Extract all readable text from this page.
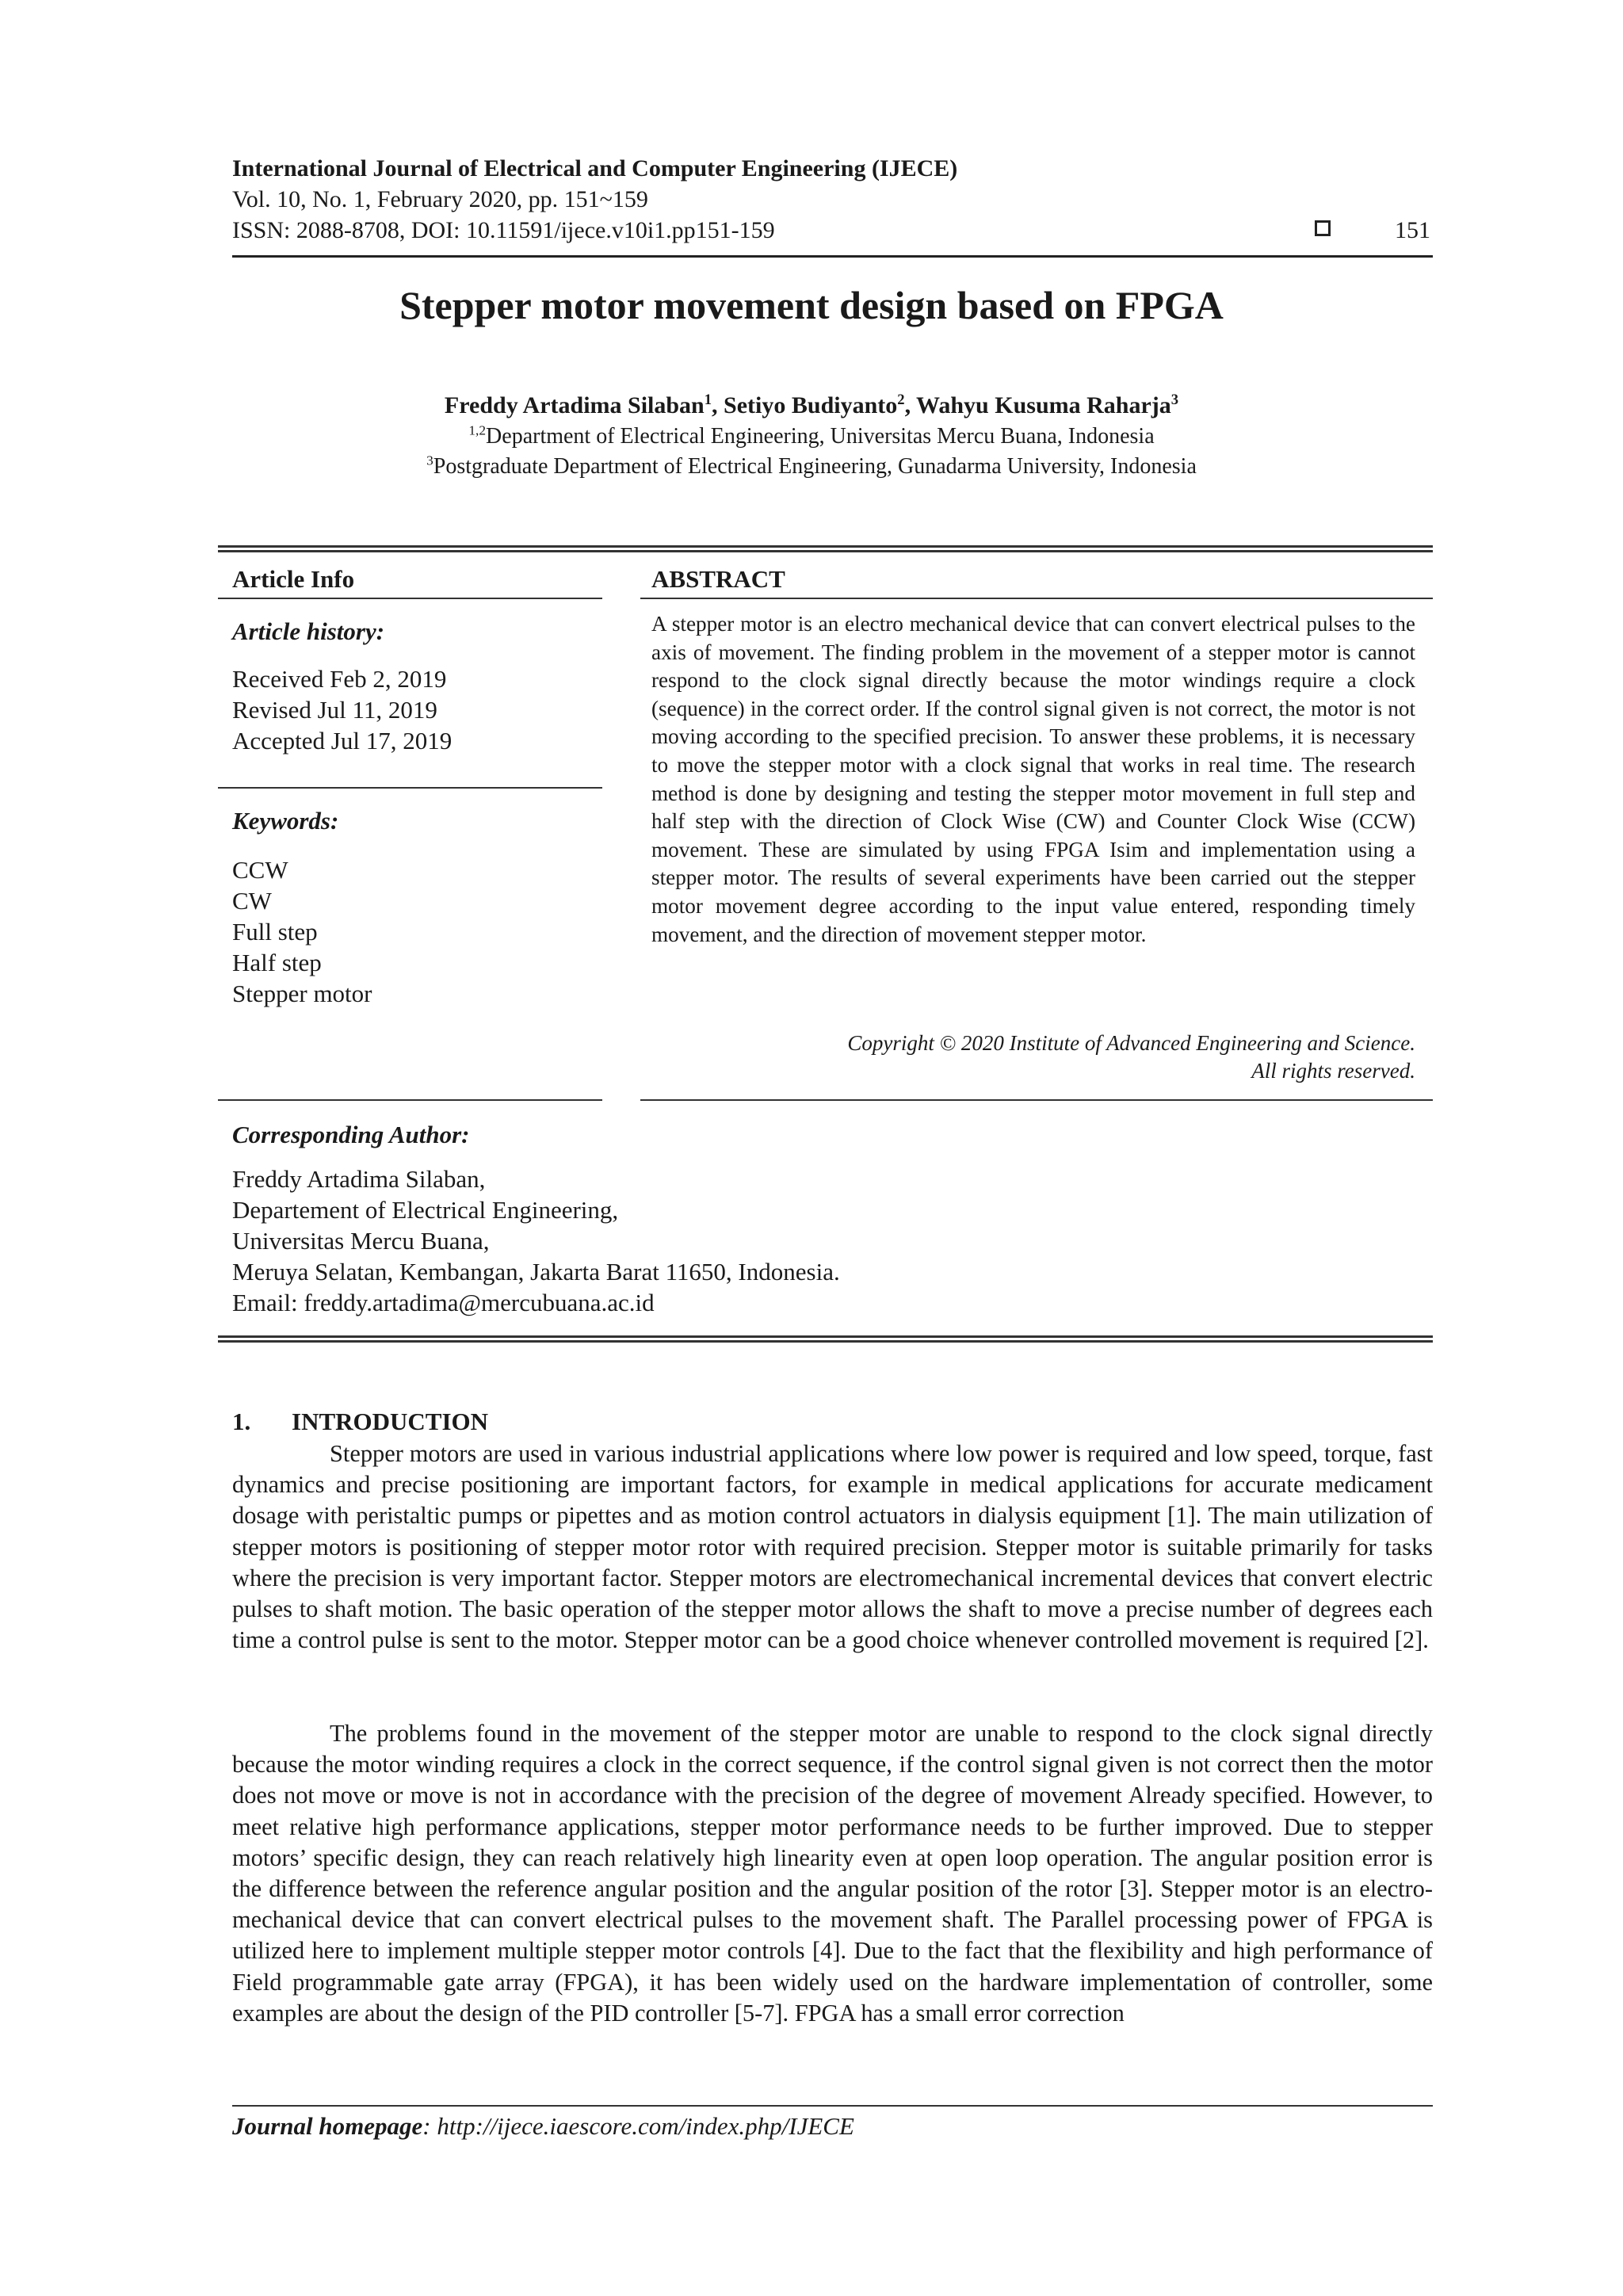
International Journal of Electrical and Computer Engineering (IJECE)
Vol. 10, No. 1, February 2020, pp. 151~159
ISSN: 2088-8708, DOI: 10.11591/ijece.v10i1.pp151-159	151
Stepper motor movement design based on FPGA
Freddy Artadima Silaban$^1$, Setiyo Budiyanto$^2$, Wahyu Kusuma Raharja$^3$
$^{1,2}$Department of Electrical Engineering, Universitas Mercu Buana, Indonesia
$^3$Postgraduate Department of Electrical Engineering, Gunadarma University, Indonesia
Article Info
Article history:
Received Feb 2, 2019
Revised Jul 11, 2019
Accepted Jul 17, 2019
Keywords:
CCW
CW
Full step
Half step
Stepper motor
ABSTRACT
A stepper motor is an electro mechanical device that can convert electrical pulses to the axis of movement. The finding problem in the movement of a stepper motor is cannot respond to the clock signal directly because the motor windings require a clock (sequence) in the correct order. If the control signal given is not correct, the motor is not moving according to the specified precision. To answer these problems, it is necessary to move the stepper motor with a clock signal that works in real time. The research method is done by designing and testing the stepper motor movement in full step and half step with the direction of Clock Wise (CW) and Counter Clock Wise (CCW) movement. These are simulated by using FPGA Isim and implementation using a stepper motor. The results of several experiments have been carried out the stepper motor movement degree according to the input value entered, responding timely movement, and the direction of movement stepper motor.
Copyright © 2020 Institute of Advanced Engineering and Science.
All rights reserved.
Corresponding Author:
Freddy Artadima Silaban,
Departement of Electrical Engineering,
Universitas Mercu Buana,
Meruya Selatan, Kembangan, Jakarta Barat 11650, Indonesia.
Email: freddy.artadima@mercubuana.ac.id
1. INTRODUCTION
Stepper motors are used in various industrial applications where low power is required and low speed, torque, fast dynamics and precise positioning are important factors, for example in medical applications for accurate medicament dosage with peristaltic pumps or pipettes and as motion control actuators in dialysis equipment [1]. The main utilization of stepper motors is positioning of stepper motor rotor with required precision. Stepper motor is suitable primarily for tasks where the precision is very important factor. Stepper motors are electromechanical incremental devices that convert electric pulses to shaft motion. The basic operation of the stepper motor allows the shaft to move a precise number of degrees each time a control pulse is sent to the motor. Stepper motor can be a good choice whenever controlled movement is required [2].
The problems found in the movement of the stepper motor are unable to respond to the clock signal directly because the motor winding requires a clock in the correct sequence, if the control signal given is not correct then the motor does not move or move is not in accordance with the precision of the degree of movement Already specified. However, to meet relative high performance applications, stepper motor performance needs to be further improved. Due to stepper motors’ specific design, they can reach relatively high linearity even at open loop operation. The angular position error is the difference between the reference angular position and the angular position of the rotor [3]. Stepper motor is an electro-mechanical device that can convert electrical pulses to the movement shaft. The Parallel processing power of FPGA is utilized here to implement multiple stepper motor controls [4]. Due to the fact that the flexibility and high performance of Field programmable gate array (FPGA), it has been widely used on the hardware implementation of controller, some examples are about the design of the PID controller [5-7]. FPGA has a small error correction
Journal homepage: http://ijece.iaescore.com/index.php/IJECE
